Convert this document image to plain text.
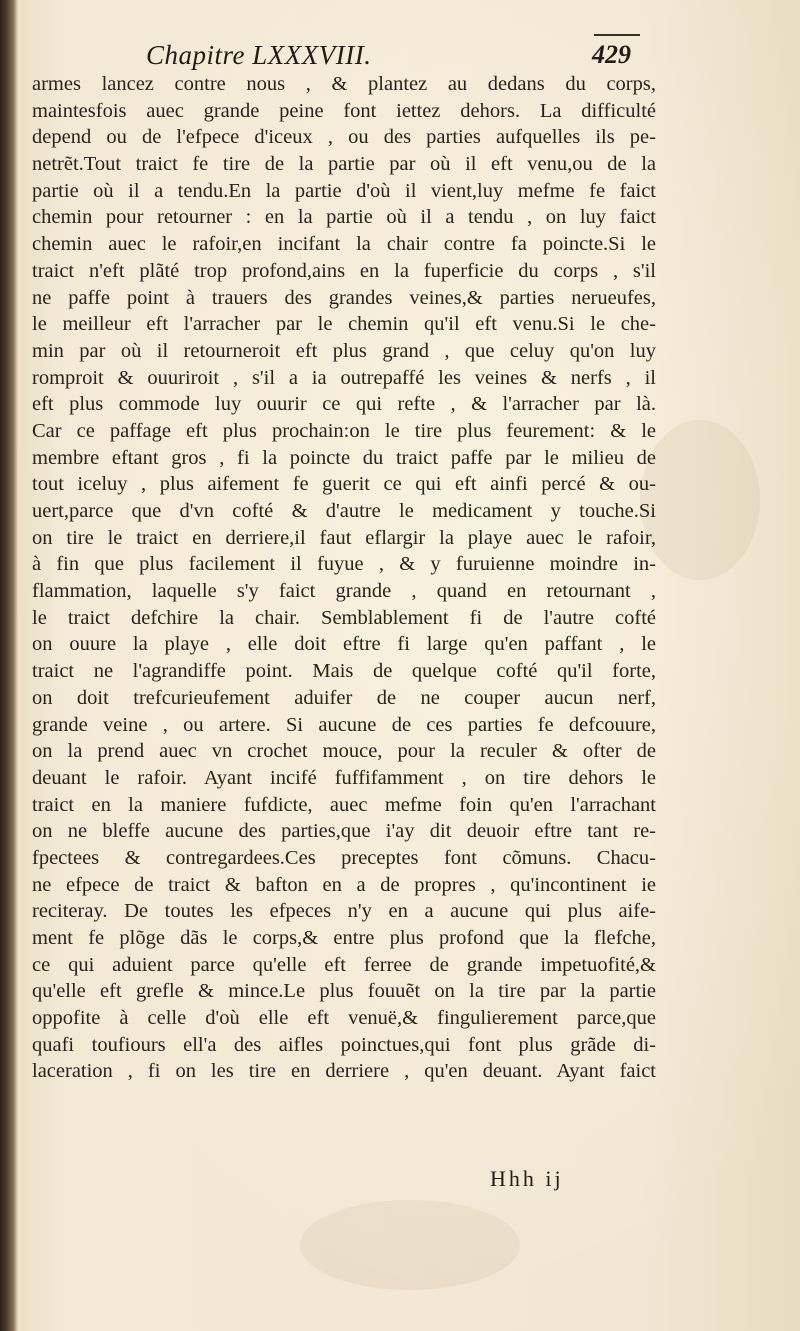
Chapitre LXXXVIII.	429
armes lancez contre nous , & plantez au dedans du corps,
maintesfois auec grande peine font iettez dehors. La difficulté
depend ou de l'efpece d'iceux , ou des parties aufquelles ils pe-
netrẽt.Tout traict fe tire de la partie par où il eft venu,ou de la
partie où il a tendu.En la partie d'où il vient,luy mefme fe faict
chemin pour retourner : en la partie où il a tendu , on luy faict
chemin auec le rafoir,en incifant la chair contre fa poincte.Si le
traict n'eft plãté trop profond,ains en la fuperficie du corps , s'il
ne paffe point à trauers des grandes veines,& parties nerueufes,
le meilleur eft l'arracher par le chemin qu'il eft venu.Si le che-
min par où il retourneroit eft plus grand , que celuy qu'on luy
romproit & ouuriroit , s'il a ia outrepaffé les veines & nerfs , il
eft plus commode luy ouurir ce qui refte , & l'arracher par là.
Car ce paffage eft plus prochain:on le tire plus feurement: & le
membre eftant gros , fi la poincte du traict paffe par le milieu de
tout iceluy , plus aifement fe guerit ce qui eft ainfi percé & ou-
uert,parce que d'vn cofté & d'autre le medicament y touche.Si
on tire le traict en derriere,il faut eflargir la playe auec le rafoir,
à fin que plus facilement il fuyue , & y furuienne moindre in-
flammation, laquelle s'y faict grande , quand en retournant ,
le traict defchire la chair. Semblablement fi de l'autre cofté
on ouure la playe , elle doit eftre fi large qu'en paffant , le
traict ne l'agrandiffe point. Mais de quelque cofté qu'il forte,
on doit trefcurieufement aduifer de ne couper aucun nerf,
grande veine , ou artere. Si aucune de ces parties fe defcouure,
on la prend auec vn crochet mouce, pour la reculer & ofter de
deuant le rafoir. Ayant incifé fuffifamment , on tire dehors le
traict en la maniere fufdicte, auec mefme foin qu'en l'arrachant
on ne bleffe aucune des parties,que i'ay dit deuoir eftre tant re-
fpectees & contregardees.Ces preceptes font cõmuns. Chacu-
ne efpece de traict & bafton en a de propres , qu'incontinent ie
reciteray. De toutes les efpeces n'y en a aucune qui plus aife-
ment fe plõge dãs le corps,& entre plus profond que la flefche,
ce qui aduient parce qu'elle eft ferree de grande impetuofité,&
qu'elle eft grefle & mince.Le plus fouuẽt on la tire par la partie
oppofite à celle d'où elle eft venuë,& fingulierement parce,que
quafi toufiours ell'a des aifles poinctues,qui font plus grãde di-
laceration , fi on les tire en derriere , qu'en deuant. Ayant faict
Hhh ij
